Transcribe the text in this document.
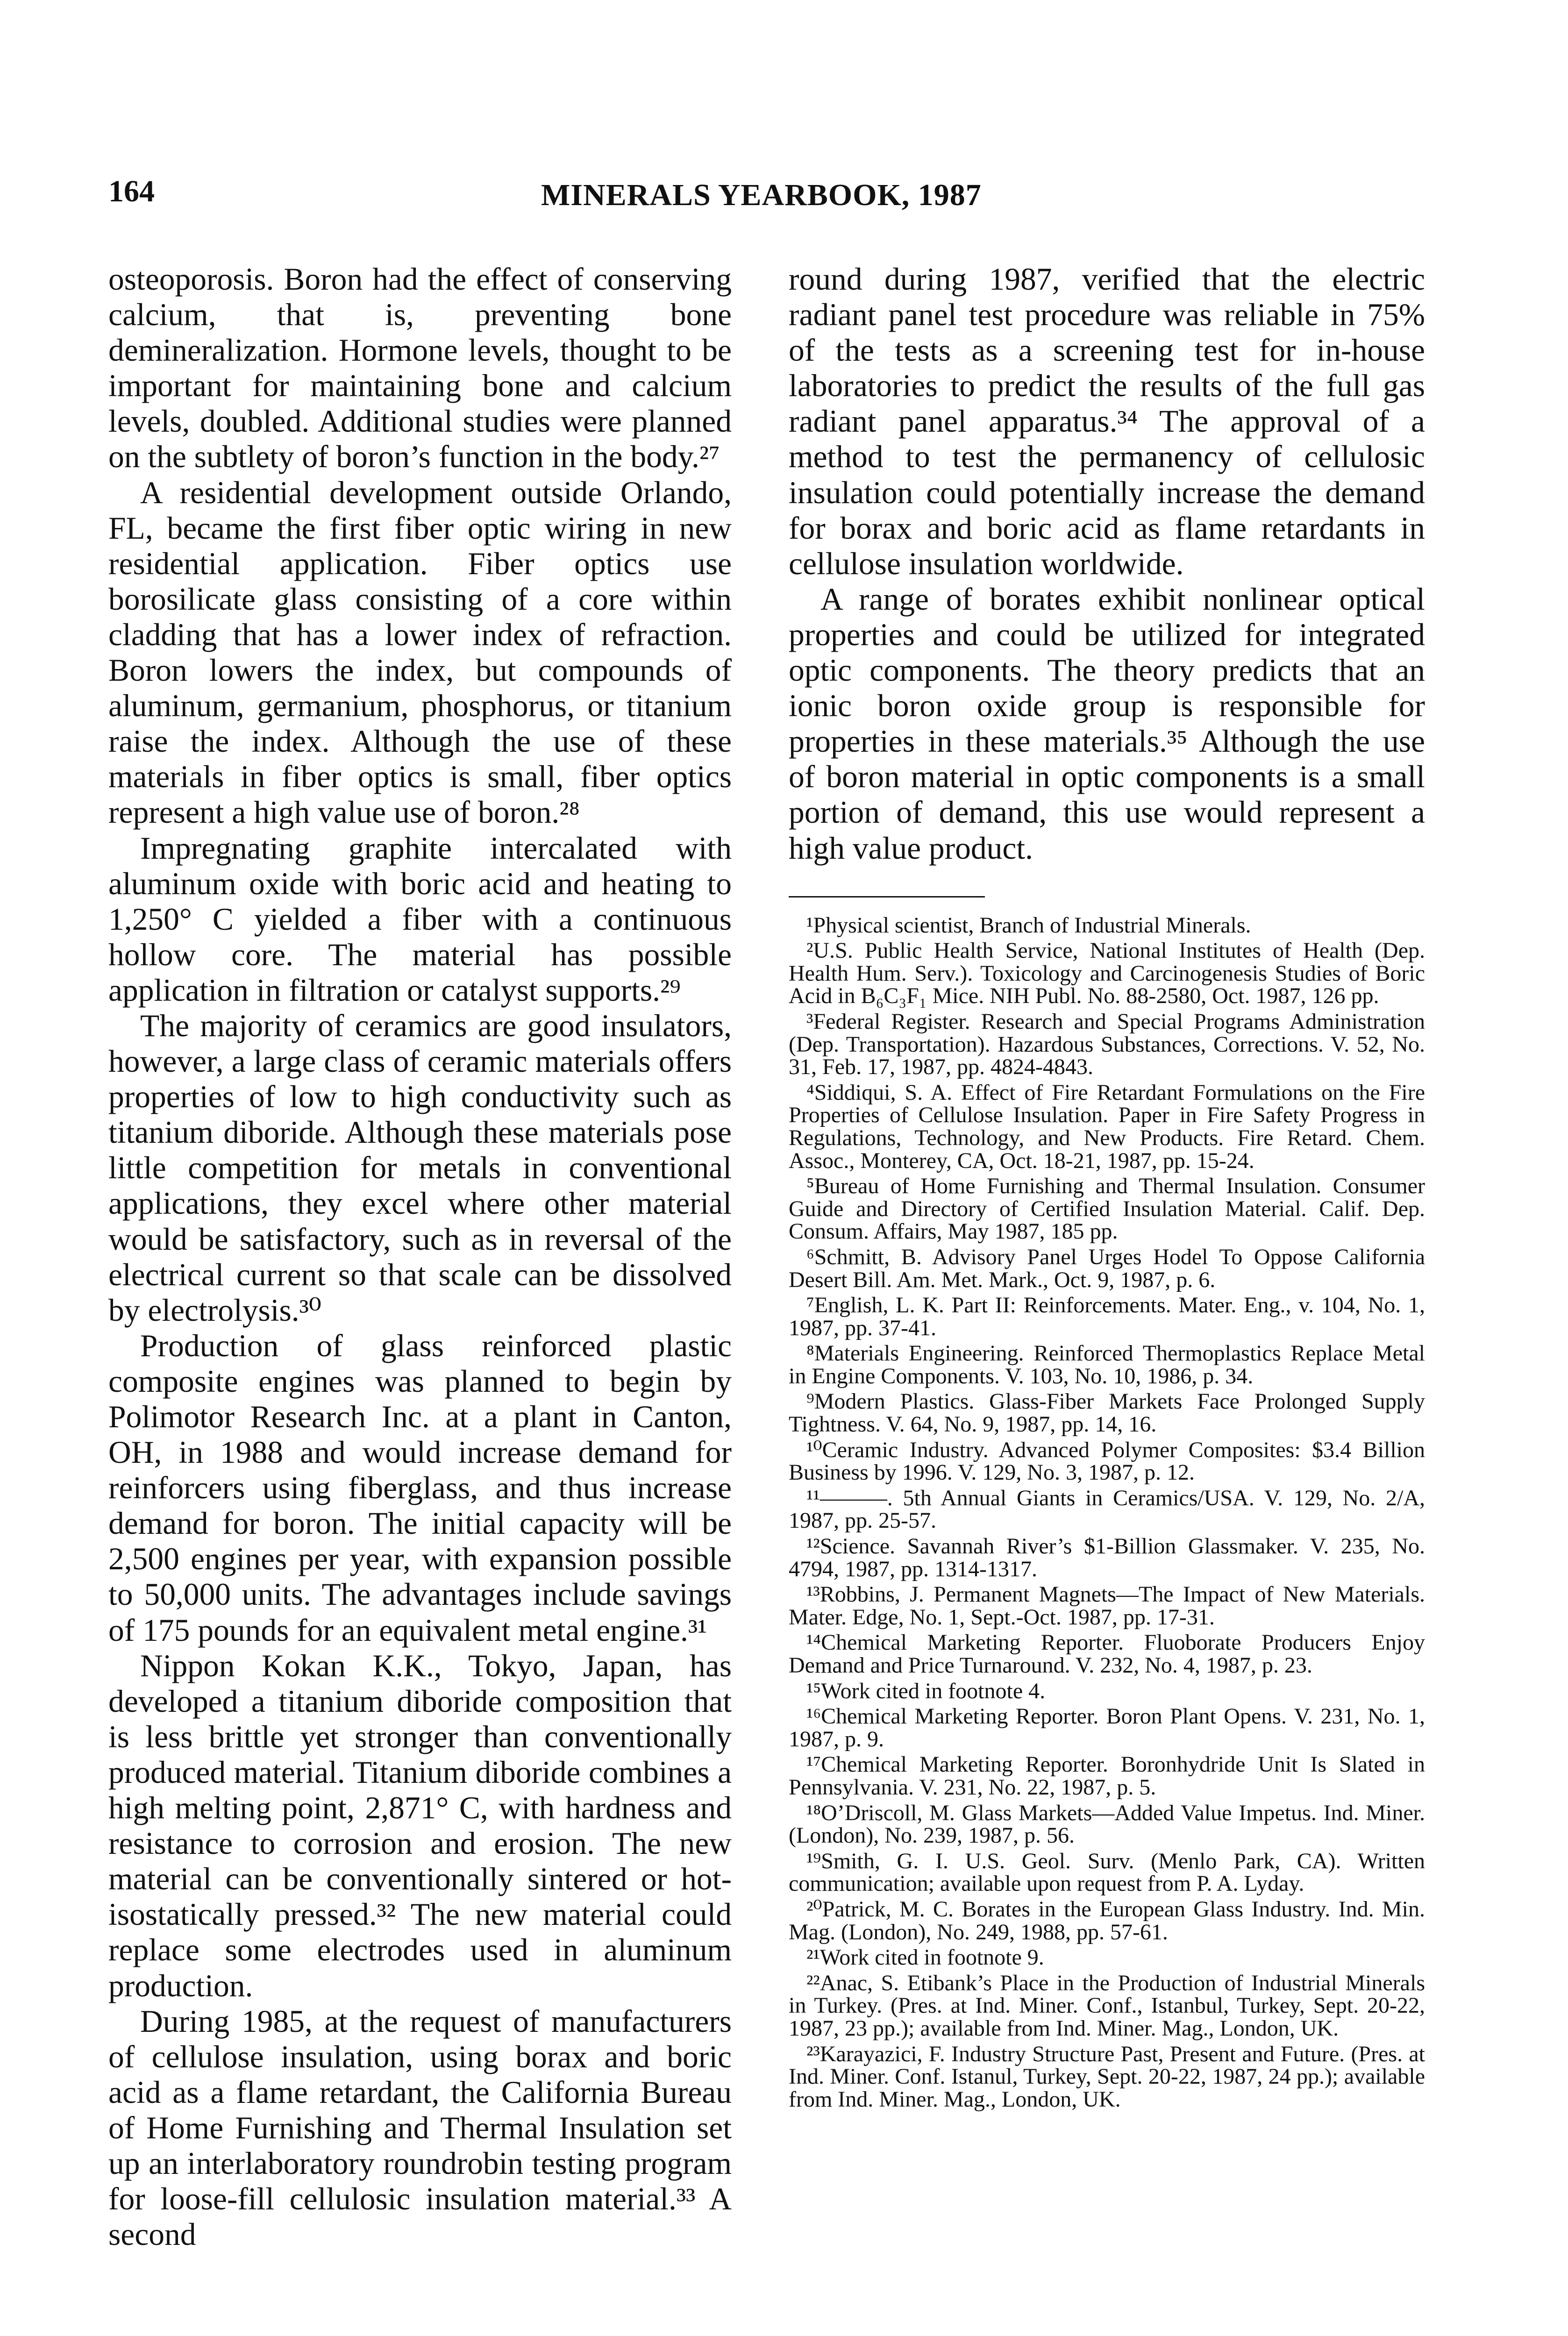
164	MINERALS YEARBOOK, 1987

osteoporosis. Boron had the effect of conserving calcium, that is, preventing bone demineralization. Hormone levels, thought to be important for maintaining bone and calcium levels, doubled. Additional studies were planned on the subtlety of boron’s function in the body.²⁷

A residential development outside Orlando, FL, became the first fiber optic wiring in new residential application. Fiber optics use borosilicate glass consisting of a core within cladding that has a lower index of refraction. Boron lowers the index, but compounds of aluminum, germanium, phosphorus, or titanium raise the index. Although the use of these materials in fiber optics is small, fiber optics represent a high value use of boron.²⁸

Impregnating graphite intercalated with aluminum oxide with boric acid and heating to 1,250° C yielded a fiber with a continuous hollow core. The material has possible application in filtration or catalyst supports.²⁹

The majority of ceramics are good insulators, however, a large class of ceramic materials offers properties of low to high conductivity such as titanium diboride. Although these materials pose little competition for metals in conventional applications, they excel where other material would be satisfactory, such as in reversal of the electrical current so that scale can be dissolved by electrolysis.³⁰

Production of glass reinforced plastic composite engines was planned to begin by Polimotor Research Inc. at a plant in Canton, OH, in 1988 and would increase demand for reinforcers using fiberglass, and thus increase demand for boron. The initial capacity will be 2,500 engines per year, with expansion possible to 50,000 units. The advantages include savings of 175 pounds for an equivalent metal engine.³¹

Nippon Kokan K.K., Tokyo, Japan, has developed a titanium diboride composition that is less brittle yet stronger than conventionally produced material. Titanium diboride combines a high melting point, 2,871° C, with hardness and resistance to corrosion and erosion. The new material can be conventionally sintered or hot-isostatically pressed.³² The new material could replace some electrodes used in aluminum production.

During 1985, at the request of manufacturers of cellulose insulation, using borax and boric acid as a flame retardant, the California Bureau of Home Furnishing and Thermal Insulation set up an interlaboratory roundrobin testing program for loose-fill cellulosic insulation material.³³ A second

round during 1987, verified that the electric radiant panel test procedure was reliable in 75% of the tests as a screening test for in-house laboratories to predict the results of the full gas radiant panel apparatus.³⁴ The approval of a method to test the permanency of cellulosic insulation could potentially increase the demand for borax and boric acid as flame retardants in cellulose insulation worldwide.

A range of borates exhibit nonlinear optical properties and could be utilized for integrated optic components. The theory predicts that an ionic boron oxide group is responsible for properties in these materials.³⁵ Although the use of boron material in optic components is a small portion of demand, this use would represent a high value product.

¹Physical scientist, Branch of Industrial Minerals.

²U.S. Public Health Service, National Institutes of Health (Dep. Health Hum. Serv.). Toxicology and Carcinogenesis Studies of Boric Acid in B₆C₃F₁ Mice. NIH Publ. No. 88-2580, Oct. 1987, 126 pp.

³Federal Register. Research and Special Programs Administration (Dep. Transportation). Hazardous Substances, Corrections. V. 52, No. 31, Feb. 17, 1987, pp. 4824-4843.

⁴Siddiqui, S. A. Effect of Fire Retardant Formulations on the Fire Properties of Cellulose Insulation. Paper in Fire Safety Progress in Regulations, Technology, and New Products. Fire Retard. Chem. Assoc., Monterey, CA, Oct. 18-21, 1987, pp. 15-24.

⁵Bureau of Home Furnishing and Thermal Insulation. Consumer Guide and Directory of Certified Insulation Material. Calif. Dep. Consum. Affairs, May 1987, 185 pp.

⁶Schmitt, B. Advisory Panel Urges Hodel To Oppose California Desert Bill. Am. Met. Mark., Oct. 9, 1987, p. 6.

⁷English, L. K. Part II: Reinforcements. Mater. Eng., v. 104, No. 1, 1987, pp. 37-41.

⁸Materials Engineering. Reinforced Thermoplastics Replace Metal in Engine Components. V. 103, No. 10, 1986, p. 34.

⁹Modern Plastics. Glass-Fiber Markets Face Prolonged Supply Tightness. V. 64, No. 9, 1987, pp. 14, 16.

¹⁰Ceramic Industry. Advanced Polymer Composites: $3.4 Billion Business by 1996. V. 129, No. 3, 1987, p. 12.

¹¹———. 5th Annual Giants in Ceramics/USA. V. 129, No. 2/A, 1987, pp. 25-57.

¹²Science. Savannah River’s $1-Billion Glassmaker. V. 235, No. 4794, 1987, pp. 1314-1317.

¹³Robbins, J. Permanent Magnets—The Impact of New Materials. Mater. Edge, No. 1, Sept.-Oct. 1987, pp. 17-31.

¹⁴Chemical Marketing Reporter. Fluoborate Producers Enjoy Demand and Price Turnaround. V. 232, No. 4, 1987, p. 23.

¹⁵Work cited in footnote 4.

¹⁶Chemical Marketing Reporter. Boron Plant Opens. V. 231, No. 1, 1987, p. 9.

¹⁷Chemical Marketing Reporter. Boronhydride Unit Is Slated in Pennsylvania. V. 231, No. 22, 1987, p. 5.

¹⁸O’Driscoll, M. Glass Markets—Added Value Impetus. Ind. Miner. (London), No. 239, 1987, p. 56.

¹⁹Smith, G. I. U.S. Geol. Surv. (Menlo Park, CA). Written communication; available upon request from P. A. Lyday.

²⁰Patrick, M. C. Borates in the European Glass Industry. Ind. Min. Mag. (London), No. 249, 1988, pp. 57-61.

²¹Work cited in footnote 9.

²²Anac, S. Etibank’s Place in the Production of Industrial Minerals in Turkey. (Pres. at Ind. Miner. Conf., Istanbul, Turkey, Sept. 20-22, 1987, 23 pp.); available from Ind. Miner. Mag., London, UK.

²³Karayazici, F. Industry Structure Past, Present and Future. (Pres. at Ind. Miner. Conf. Istanul, Turkey, Sept. 20-22, 1987, 24 pp.); available from Ind. Miner. Mag., London, UK.
